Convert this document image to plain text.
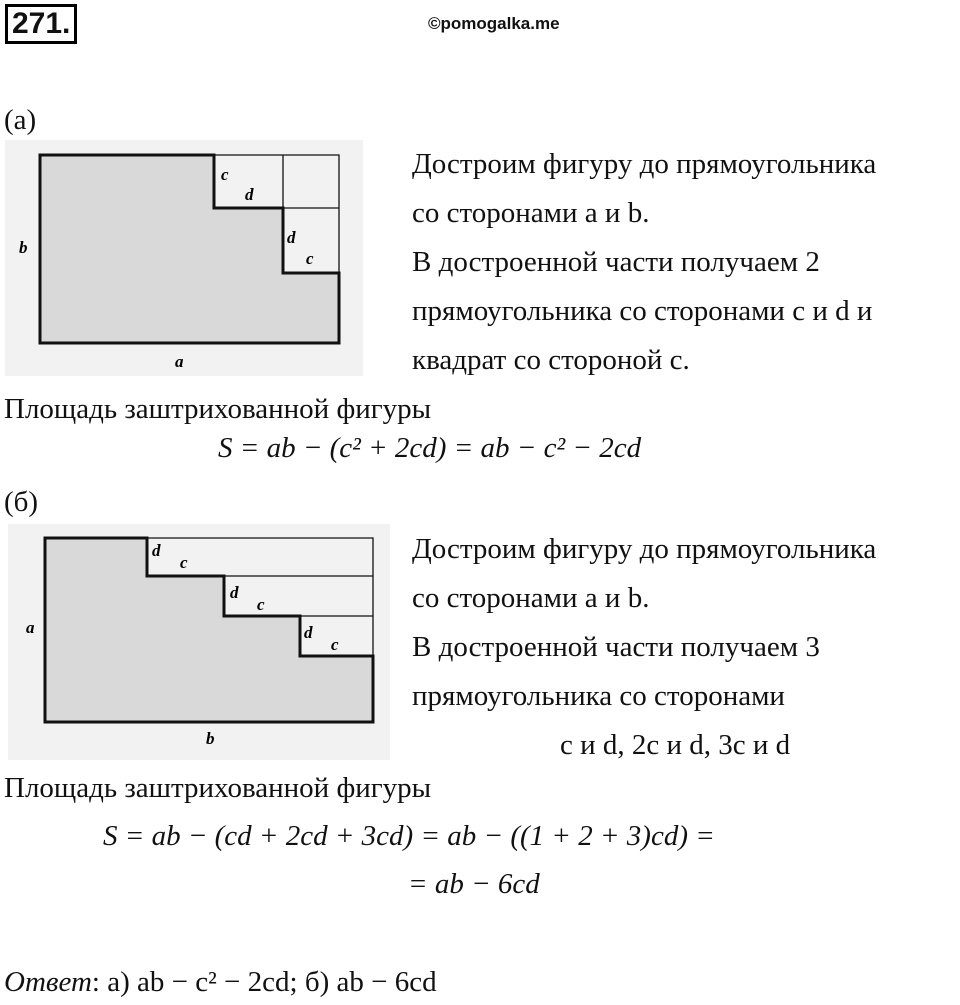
271.	©pomogalka.me
(а)
b
a
c
d
d
c
Достроим фигуру до прямоугольника
со сторонами a и b.
В достроенной части получаем 2
прямоугольника со сторонами c и d и
квадрат со стороной c.
Площадь заштрихованной фигуры
S = ab − (c² + 2cd) = ab − c² − 2cd
(б)
a
b
d
c
d
c
d
c
Достроим фигуру до прямоугольника
со сторонами a и b.
В достроенной части получаем 3
прямоугольника со сторонами
c и d, 2c и d, 3c и d
Площадь заштрихованной фигуры
S = ab − (cd + 2cd + 3cd) = ab − ((1 + 2 + 3)cd) =
= ab − 6cd
Ответ: а) ab − c² − 2cd; б) ab − 6cd
